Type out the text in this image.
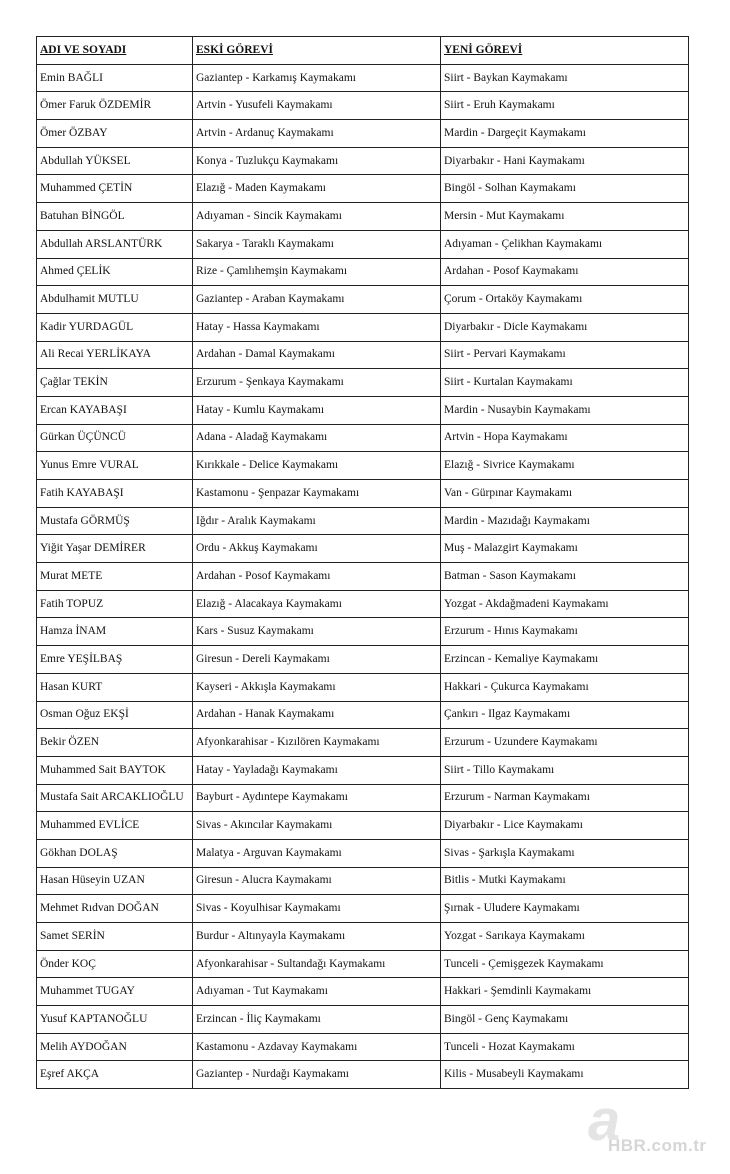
ADI VE SOYADI	ESKİ GÖREVİ	YENİ GÖREVİ
Emin BAĞLI	Gaziantep - Karkamış Kaymakamı	Siirt - Baykan Kaymakamı
Ömer Faruk ÖZDEMİR	Artvin - Yusufeli Kaymakamı	Siirt - Eruh Kaymakamı
Ömer ÖZBAY	Artvin - Ardanuç Kaymakamı	Mardin - Dargeçit Kaymakamı
Abdullah YÜKSEL	Konya - Tuzlukçu Kaymakamı	Diyarbakır - Hani Kaymakamı
Muhammed ÇETİN	Elazığ - Maden Kaymakamı	Bingöl - Solhan Kaymakamı
Batuhan BİNGÖL	Adıyaman - Sincik Kaymakamı	Mersin - Mut Kaymakamı
Abdullah ARSLANTÜRK	Sakarya - Taraklı Kaymakamı	Adıyaman - Çelikhan Kaymakamı
Ahmed ÇELİK	Rize - Çamlıhemşin Kaymakamı	Ardahan - Posof Kaymakamı
Abdulhamit MUTLU	Gaziantep - Araban Kaymakamı	Çorum - Ortaköy Kaymakamı
Kadir YURDAGÜL	Hatay - Hassa Kaymakamı	Diyarbakır - Dicle Kaymakamı
Ali Recai YERLİKAYA	Ardahan - Damal Kaymakamı	Siirt - Pervari Kaymakamı
Çağlar TEKİN	Erzurum - Şenkaya Kaymakamı	Siirt - Kurtalan Kaymakamı
Ercan KAYABAŞI	Hatay - Kumlu Kaymakamı	Mardin - Nusaybin Kaymakamı
Gürkan ÜÇÜNCÜ	Adana - Aladağ Kaymakamı	Artvin - Hopa Kaymakamı
Yunus Emre VURAL	Kırıkkale - Delice Kaymakamı	Elazığ - Sivrice Kaymakamı
Fatih KAYABAŞI	Kastamonu - Şenpazar Kaymakamı	Van - Gürpınar Kaymakamı
Mustafa GÖRMÜŞ	Iğdır - Aralık Kaymakamı	Mardin - Mazıdağı Kaymakamı
Yiğit Yaşar DEMİRER	Ordu - Akkuş Kaymakamı	Muş - Malazgirt Kaymakamı
Murat METE	Ardahan - Posof Kaymakamı	Batman - Sason Kaymakamı
Fatih TOPUZ	Elazığ - Alacakaya Kaymakamı	Yozgat - Akdağmadeni Kaymakamı
Hamza İNAM	Kars - Susuz Kaymakamı	Erzurum - Hınıs Kaymakamı
Emre YEŞİLBAŞ	Giresun - Dereli Kaymakamı	Erzincan - Kemaliye Kaymakamı
Hasan KURT	Kayseri - Akkışla Kaymakamı	Hakkari - Çukurca Kaymakamı
Osman Oğuz EKŞİ	Ardahan - Hanak Kaymakamı	Çankırı - Ilgaz Kaymakamı
Bekir ÖZEN	Afyonkarahisar - Kızılören Kaymakamı	Erzurum - Uzundere Kaymakamı
Muhammed Sait BAYTOK	Hatay - Yayladağı Kaymakamı	Siirt - Tillo Kaymakamı
Mustafa Sait ARCAKLIOĞLU	Bayburt - Aydıntepe Kaymakamı	Erzurum - Narman Kaymakamı
Muhammed EVLİCE	Sivas - Akıncılar Kaymakamı	Diyarbakır - Lice Kaymakamı
Gökhan DOLAŞ	Malatya - Arguvan Kaymakamı	Sivas - Şarkışla Kaymakamı
Hasan Hüseyin UZAN	Giresun - Alucra Kaymakamı	Bitlis - Mutki Kaymakamı
Mehmet Rıdvan DOĞAN	Sivas - Koyulhisar Kaymakamı	Şırnak - Uludere Kaymakamı
Samet SERİN	Burdur - Altınyayla Kaymakamı	Yozgat - Sarıkaya Kaymakamı
Önder KOÇ	Afyonkarahisar - Sultandağı Kaymakamı	Tunceli - Çemişgezek Kaymakamı
Muhammet TUGAY	Adıyaman - Tut Kaymakamı	Hakkari - Şemdinli Kaymakamı
Yusuf KAPTANOĞLU	Erzincan - İliç Kaymakamı	Bingöl - Genç Kaymakamı
Melih AYDOĞAN	Kastamonu - Azdavay Kaymakamı	Tunceli - Hozat Kaymakamı
Eşref AKÇA	Gaziantep - Nurdağı Kaymakamı	Kilis - Musabeyli Kaymakamı
a
HBR.com.tr
